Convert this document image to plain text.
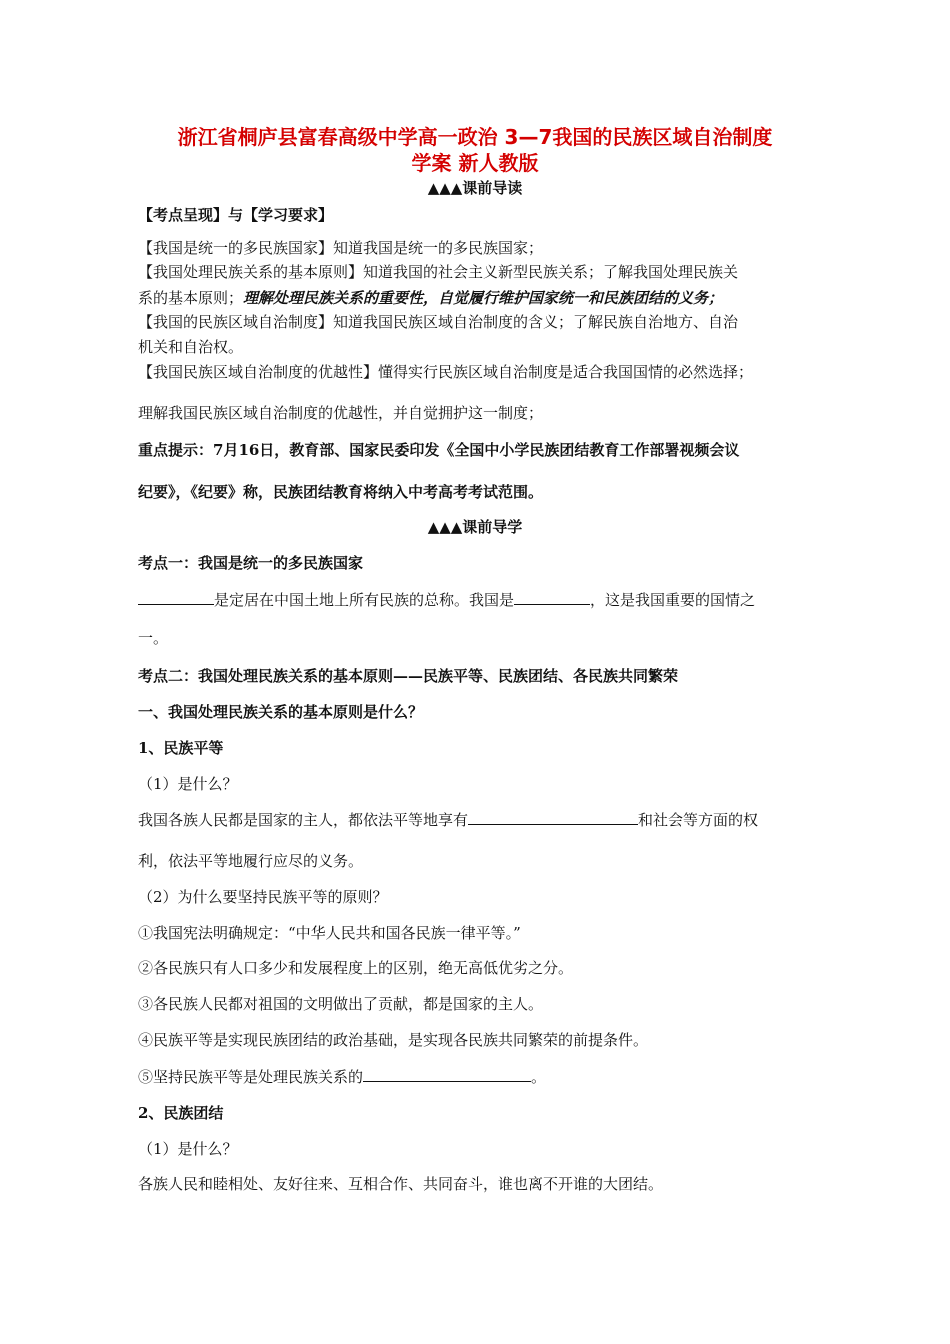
浙江省桐庐县富春高级中学高一政治 3—7我国的民族区域自治制度
学案 新人教版
▲▲▲课前导读
【考点呈现】与【学习要求】
【我国是统一的多民族国家】知道我国是统一的多民族国家；
【我国处理民族关系的基本原则】知道我国的社会主义新型民族关系；了解我国处理民族关
系的基本原则；理解处理民族关系的重要性，自觉履行维护国家统一和民族团结的义务；
【我国的民族区域自治制度】知道我国民族区域自治制度的含义；了解民族自治地方、自治
机关和自治权。
【我国民族区域自治制度的优越性】懂得实行民族区域自治制度是适合我国国情的必然选择；
理解我国民族区域自治制度的优越性，并自觉拥护这一制度；
重点提示：7月16日，教育部、国家民委印发《全国中小学民族团结教育工作部署视频会议
纪要》，《纪要》称，民族团结教育将纳入中考高考考试范围。
▲▲▲课前导学
考点一：我国是统一的多民族国家
是定居在中国土地上所有民族的总称。我国是	，这是我国重要的国情之
一。
考点二：我国处理民族关系的基本原则——民族平等、民族团结、各民族共同繁荣
一、我国处理民族关系的基本原则是什么？
1、民族平等
（1）是什么？
我国各族人民都是国家的主人，都依法平等地享有	和社会等方面的权
利，依法平等地履行应尽的义务。
（2）为什么要坚持民族平等的原则？
①我国宪法明确规定：“中华人民共和国各民族一律平等。”
②各民族只有人口多少和发展程度上的区别，绝无高低优劣之分。
③各民族人民都对祖国的文明做出了贡献，都是国家的主人。
④民族平等是实现民族团结的政治基础，是实现各民族共同繁荣的前提条件。
⑤坚持民族平等是处理民族关系的	。
2、民族团结
（1）是什么？
各族人民和睦相处、友好往来、互相合作、共同奋斗，谁也离不开谁的大团结。
